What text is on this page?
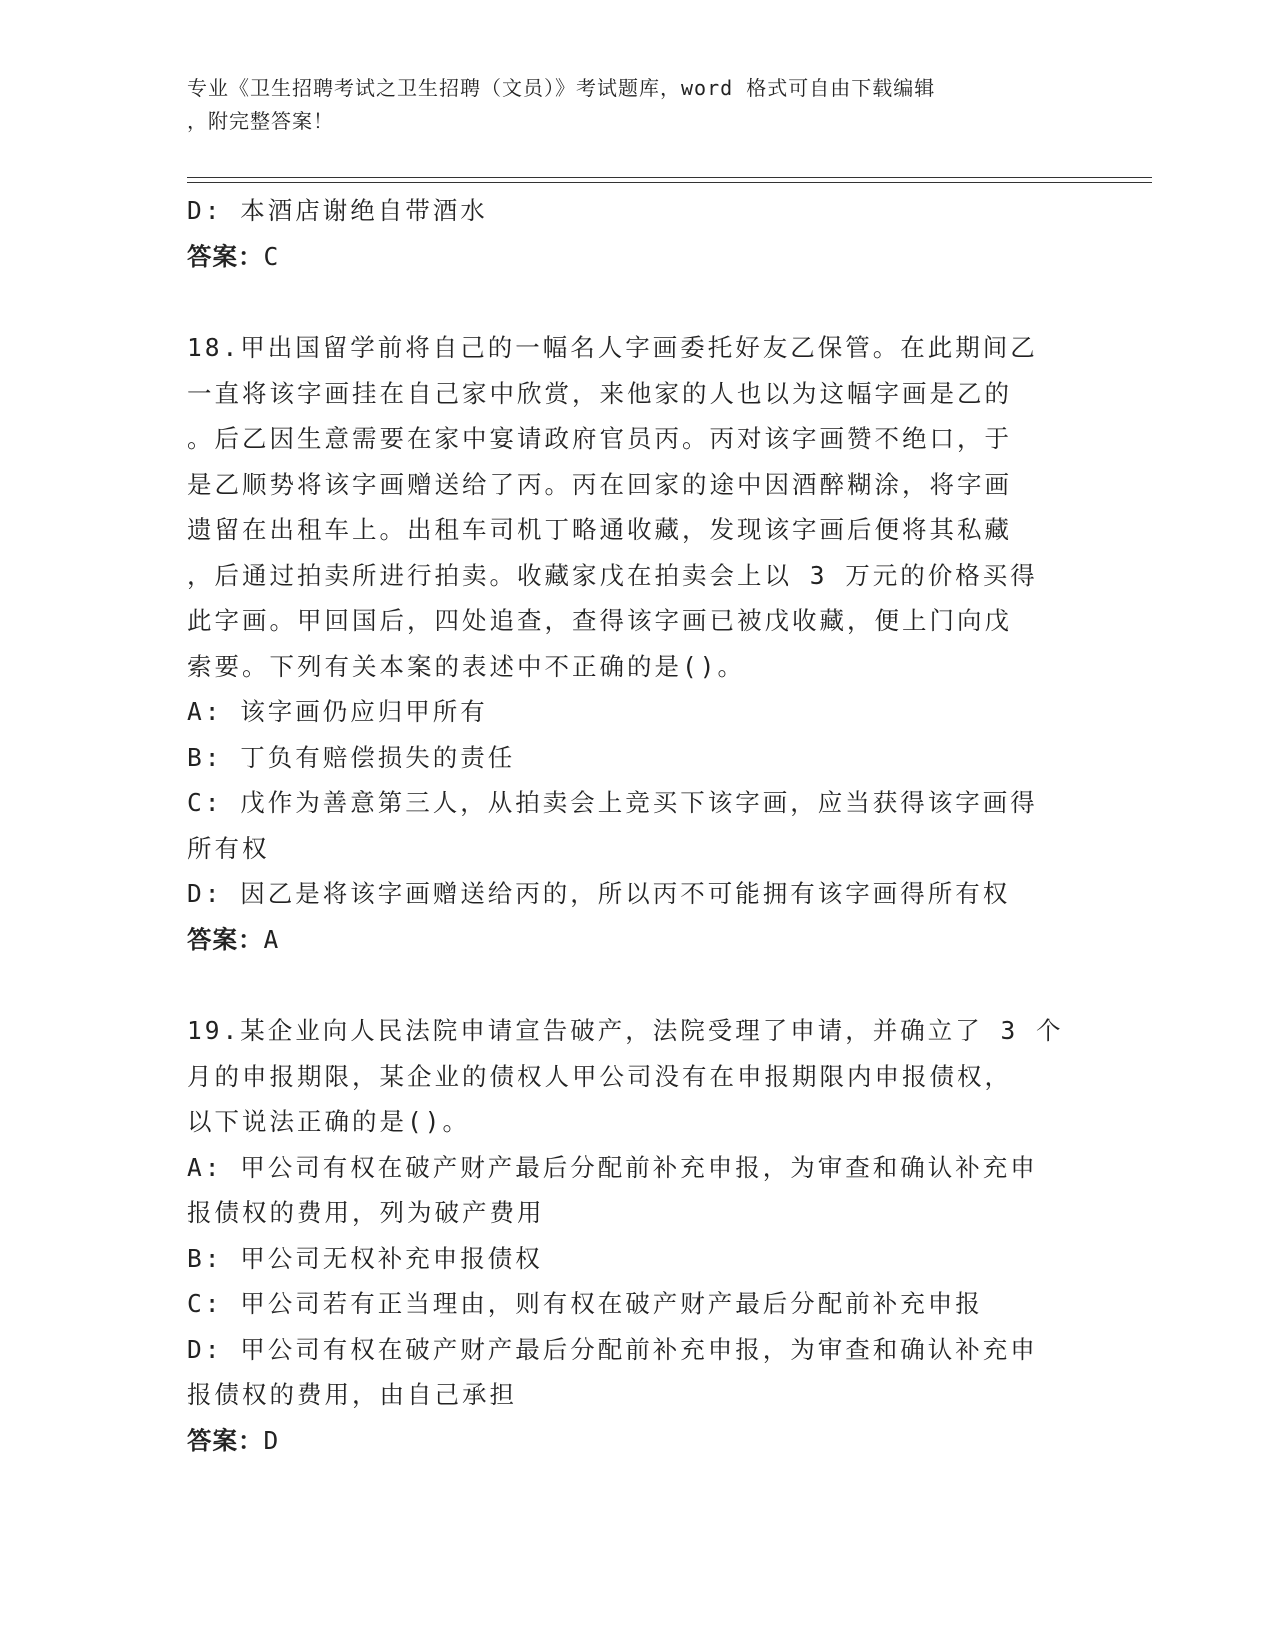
专业《卫生招聘考试之卫生招聘（文员）》考试题库，word 格式可自由下载编辑
，附完整答案！

D: 本酒店谢绝自带酒水

答案：C

18.甲出国留学前将自己的一幅名人字画委托好友乙保管。在此期间乙

一直将该字画挂在自己家中欣赏，来他家的人也以为这幅字画是乙的

。后乙因生意需要在家中宴请政府官员丙。丙对该字画赞不绝口，于

是乙顺势将该字画赠送给了丙。丙在回家的途中因酒醉糊涂，将字画

遗留在出租车上。出租车司机丁略通收藏，发现该字画后便将其私藏

，后通过拍卖所进行拍卖。收藏家戊在拍卖会上以 3 万元的价格买得

此字画。甲回国后，四处追查，查得该字画已被戊收藏，便上门向戊

索要。下列有关本案的表述中不正确的是()。

A: 该字画仍应归甲所有

B: 丁负有赔偿损失的责任

C: 戊作为善意第三人，从拍卖会上竞买下该字画，应当获得该字画得

所有权

D: 因乙是将该字画赠送给丙的，所以丙不可能拥有该字画得所有权

答案：A

19.某企业向人民法院申请宣告破产，法院受理了申请，并确立了 3 个

月的申报期限，某企业的债权人甲公司没有在申报期限内申报债权，

以下说法正确的是()。

A: 甲公司有权在破产财产最后分配前补充申报，为审查和确认补充申

报债权的费用，列为破产费用

B: 甲公司无权补充申报债权

C: 甲公司若有正当理由，则有权在破产财产最后分配前补充申报

D: 甲公司有权在破产财产最后分配前补充申报，为审查和确认补充申

报债权的费用，由自己承担

答案：D
